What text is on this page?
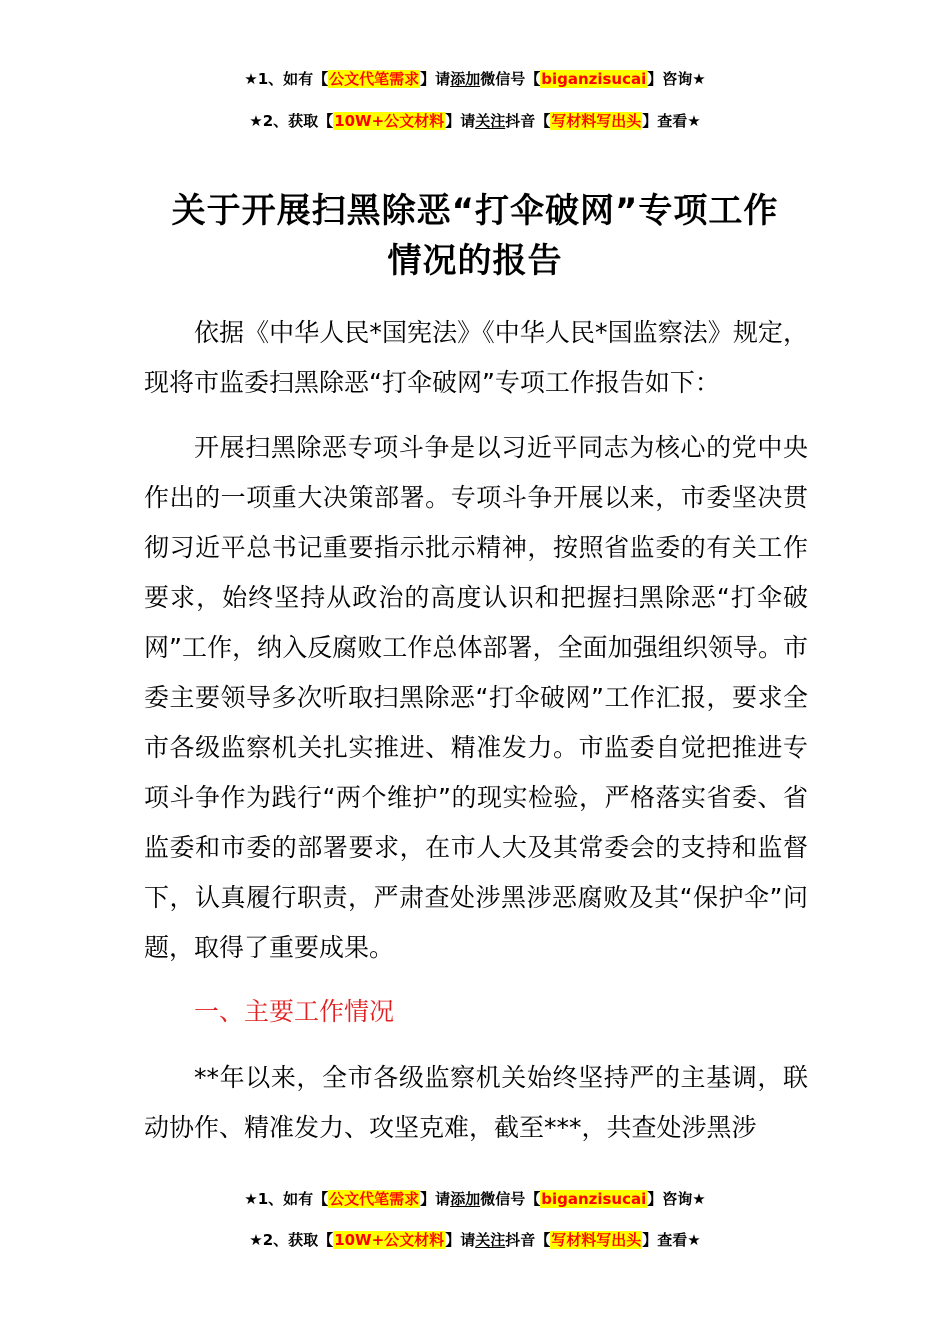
★1、如有【公文代笔需求】请添加微信号【biganzisucai】咨询★
★2、获取【10W+公文材料】请关注抖音【写材料写出头】查看★
关于开展扫黑除恶“打伞破网”专项工作
情况的报告

依据《中华人民*国宪法》《中华人民*国监察法》规定，现将市监委扫黑除恶“打伞破网”专项工作报告如下：

开展扫黑除恶专项斗争是以习近平同志为核心的党中央作出的一项重大决策部署。专项斗争开展以来，市委坚决贯彻习近平总书记重要指示批示精神，按照省监委的有关工作要求，始终坚持从政治的高度认识和把握扫黑除恶“打伞破网”工作，纳入反腐败工作总体部署，全面加强组织领导。市委主要领导多次听取扫黑除恶“打伞破网”工作汇报，要求全市各级监察机关扎实推进、精准发力。市监委自觉把推进专项斗争作为践行“两个维护”的现实检验，严格落实省委、省监委和市委的部署要求，在市人大及其常委会的支持和监督下，认真履行职责，严肃查处涉黑涉恶腐败及其“保护伞”问题，取得了重要成果。

一、主要工作情况

**年以来，全市各级监察机关始终坚持严的主基调，联动协作、精准发力、攻坚克难，截至***，共查处涉黑涉

★1、如有【公文代笔需求】请添加微信号【biganzisucai】咨询★
★2、获取【10W+公文材料】请关注抖音【写材料写出头】查看★
